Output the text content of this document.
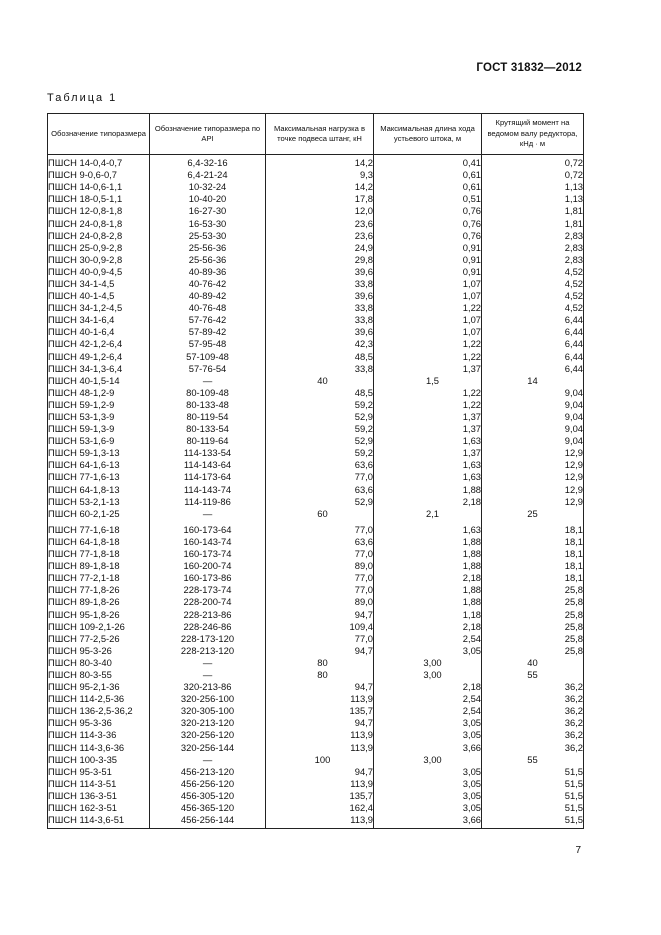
ГОСТ 31832—2012
Таблица 1
Обозначение типоразмера	Обозначение типоразмера по API	Максимальная нагрузка в точке подвеса штанг, кН	Максимальная длина хода устьевого штока, м	Крутящий момент на ведомом валу редуктора, кНд · м
ПШСН 14-0,4-0,7	6,4-32-16	14,2	0,41	0,72
ПШСН 9-0,6-0,7	6,4-21-24	9,3	0,61	0,72
ПШСН 14-0,6-1,1	10-32-24	14,2	0,61	1,13
ПШСН 18-0,5-1,1	10-40-20	17,8	0,51	1,13
ПШСН 12-0,8-1,8	16-27-30	12,0	0,76	1,81
ПШСН 24-0,8-1,8	16-53-30	23,6	0,76	1,81
ПШСН 24-0,8-2,8	25-53-30	23,6	0,76	2,83
ПШСН 25-0,9-2,8	25-56-36	24,9	0,91	2,83
ПШСН 30-0,9-2,8	25-56-36	29,8	0,91	2,83
ПШСН 40-0,9-4,5	40-89-36	39,6	0,91	4,52
ПШСН 34-1-4,5	40-76-42	33,8	1,07	4,52
ПШСН 40-1-4,5	40-89-42	39,6	1,07	4,52
ПШСН 34-1,2-4,5	40-76-48	33,8	1,22	4,52
ПШСН 34-1-6,4	57-76-42	33,8	1,07	6,44
ПШСН 40-1-6,4	57-89-42	39,6	1,07	6,44
ПШСН 42-1,2-6,4	57-95-48	42,3	1,22	6,44
ПШСН 49-1,2-6,4	57-109-48	48,5	1,22	6,44
ПШСН 34-1,3-6,4	57-76-54	33,8	1,37	6,44
ПШСН 40-1,5-14	—	40	1,5	14
ПШСН 48-1,2-9	80-109-48	48,5	1,22	9,04
ПШСН 59-1,2-9	80-133-48	59,2	1,22	9,04
ПШСН 53-1,3-9	80-119-54	52,9	1,37	9,04
ПШСН 59-1,3-9	80-133-54	59,2	1,37	9,04
ПШСН 53-1,6-9	80-119-64	52,9	1,63	9,04
ПШСН 59-1,3-13	114-133-54	59,2	1,37	12,9
ПШСН 64-1,6-13	114-143-64	63,6	1,63	12,9
ПШСН 77-1,6-13	114-173-64	77,0	1,63	12,9
ПШСН 64-1,8-13	114-143-74	63,6	1,88	12,9
ПШСН 53-2,1-13	114-119-86	52,9	2,18	12,9
ПШСН 60-2,1-25	—	60	2,1	25
ПШСН 77-1,6-18	160-173-64	77,0	1,63	18,1
ПШСН 64-1,8-18	160-143-74	63,6	1,88	18,1
ПШСН 77-1,8-18	160-173-74	77,0	1,88	18,1
ПШСН 89-1,8-18	160-200-74	89,0	1,88	18,1
ПШСН 77-2,1-18	160-173-86	77,0	2,18	18,1
ПШСН 77-1,8-26	228-173-74	77,0	1,88	25,8
ПШСН 89-1,8-26	228-200-74	89,0	1,88	25,8
ПШСН 95-1,8-26	228-213-86	94,7	1,18	25,8
ПШСН 109-2,1-26	228-246-86	109,4	2,18	25,8
ПШСН 77-2,5-26	228-173-120	77,0	2,54	25,8
ПШСН 95-3-26	228-213-120	94,7	3,05	25,8
ПШСН 80-3-40	—	80	3,00	40
ПШСН 80-3-55	—	80	3,00	55
ПШСН 95-2,1-36	320-213-86	94,7	2,18	36,2
ПШСН 114-2,5-36	320-256-100	113,9	2,54	36,2
ПШСН 136-2,5-36,2	320-305-100	135,7	2,54	36,2
ПШСН 95-3-36	320-213-120	94,7	3,05	36,2
ПШСН 114-3-36	320-256-120	113,9	3,05	36,2
ПШСН 114-3,6-36	320-256-144	113,9	3,66	36,2
ПШСН 100-3-35	—	100	3,00	55
ПШСН 95-3-51	456-213-120	94,7	3,05	51,5
ПШСН 114-3-51	456-256-120	113,9	3,05	51,5
ПШСН 136-3-51	456-305-120	135,7	3,05	51,5
ПШСН 162-3-51	456-365-120	162,4	3,05	51,5
ПШСН 114-3,6-51	456-256-144	113,9	3,66	51,5
7
